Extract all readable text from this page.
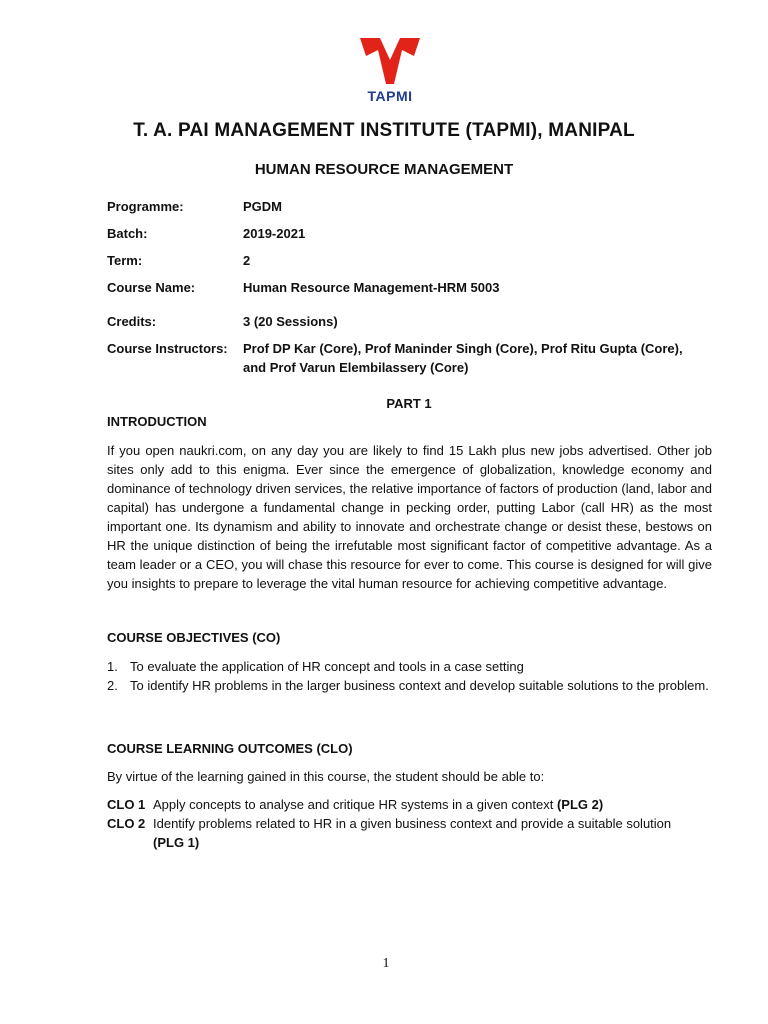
TAPMI
T. A. PAI MANAGEMENT INSTITUTE (TAPMI), MANIPAL
HUMAN RESOURCE MANAGEMENT
Programme:	PGDM
Batch:	2019-2021
Term:	2
Course Name:	Human Resource Management-HRM 5003
Credits:	3 (20 Sessions)
Course Instructors: Prof DP Kar (Core), Prof Maninder Singh (Core), Prof Ritu Gupta (Core), and Prof Varun Elembilassery (Core)
PART 1
INTRODUCTION

If you open naukri.com, on any day you are likely to find 15 Lakh plus new jobs advertised. Other job sites only add to this enigma. Ever since the emergence of globalization, knowledge economy and dominance of technology driven services, the relative importance of factors of production (land, labor and capital) has undergone a fundamental change in pecking order, putting Labor (call HR) as the most important one. Its dynamism and ability to innovate and orchestrate change or desist these, bestows on HR the unique distinction of being the irrefutable most significant factor of competitive advantage. As a team leader or a CEO, you will chase this resource for ever to come. This course is designed for will give you insights to prepare to leverage the vital human resource for achieving competitive advantage.

COURSE OBJECTIVES (CO)
1. To evaluate the application of HR concept and tools in a case setting
2. To identify HR problems in the larger business context and develop suitable solutions to the problem.
COURSE LEARNING OUTCOMES (CLO)
By virtue of the learning gained in this course, the student should be able to:
CLO 1 Apply concepts to analyse and critique HR systems in a given context (PLG 2)
CLO 2 Identify problems related to HR in a given business context and provide a suitable solution
(PLG 1)
1
